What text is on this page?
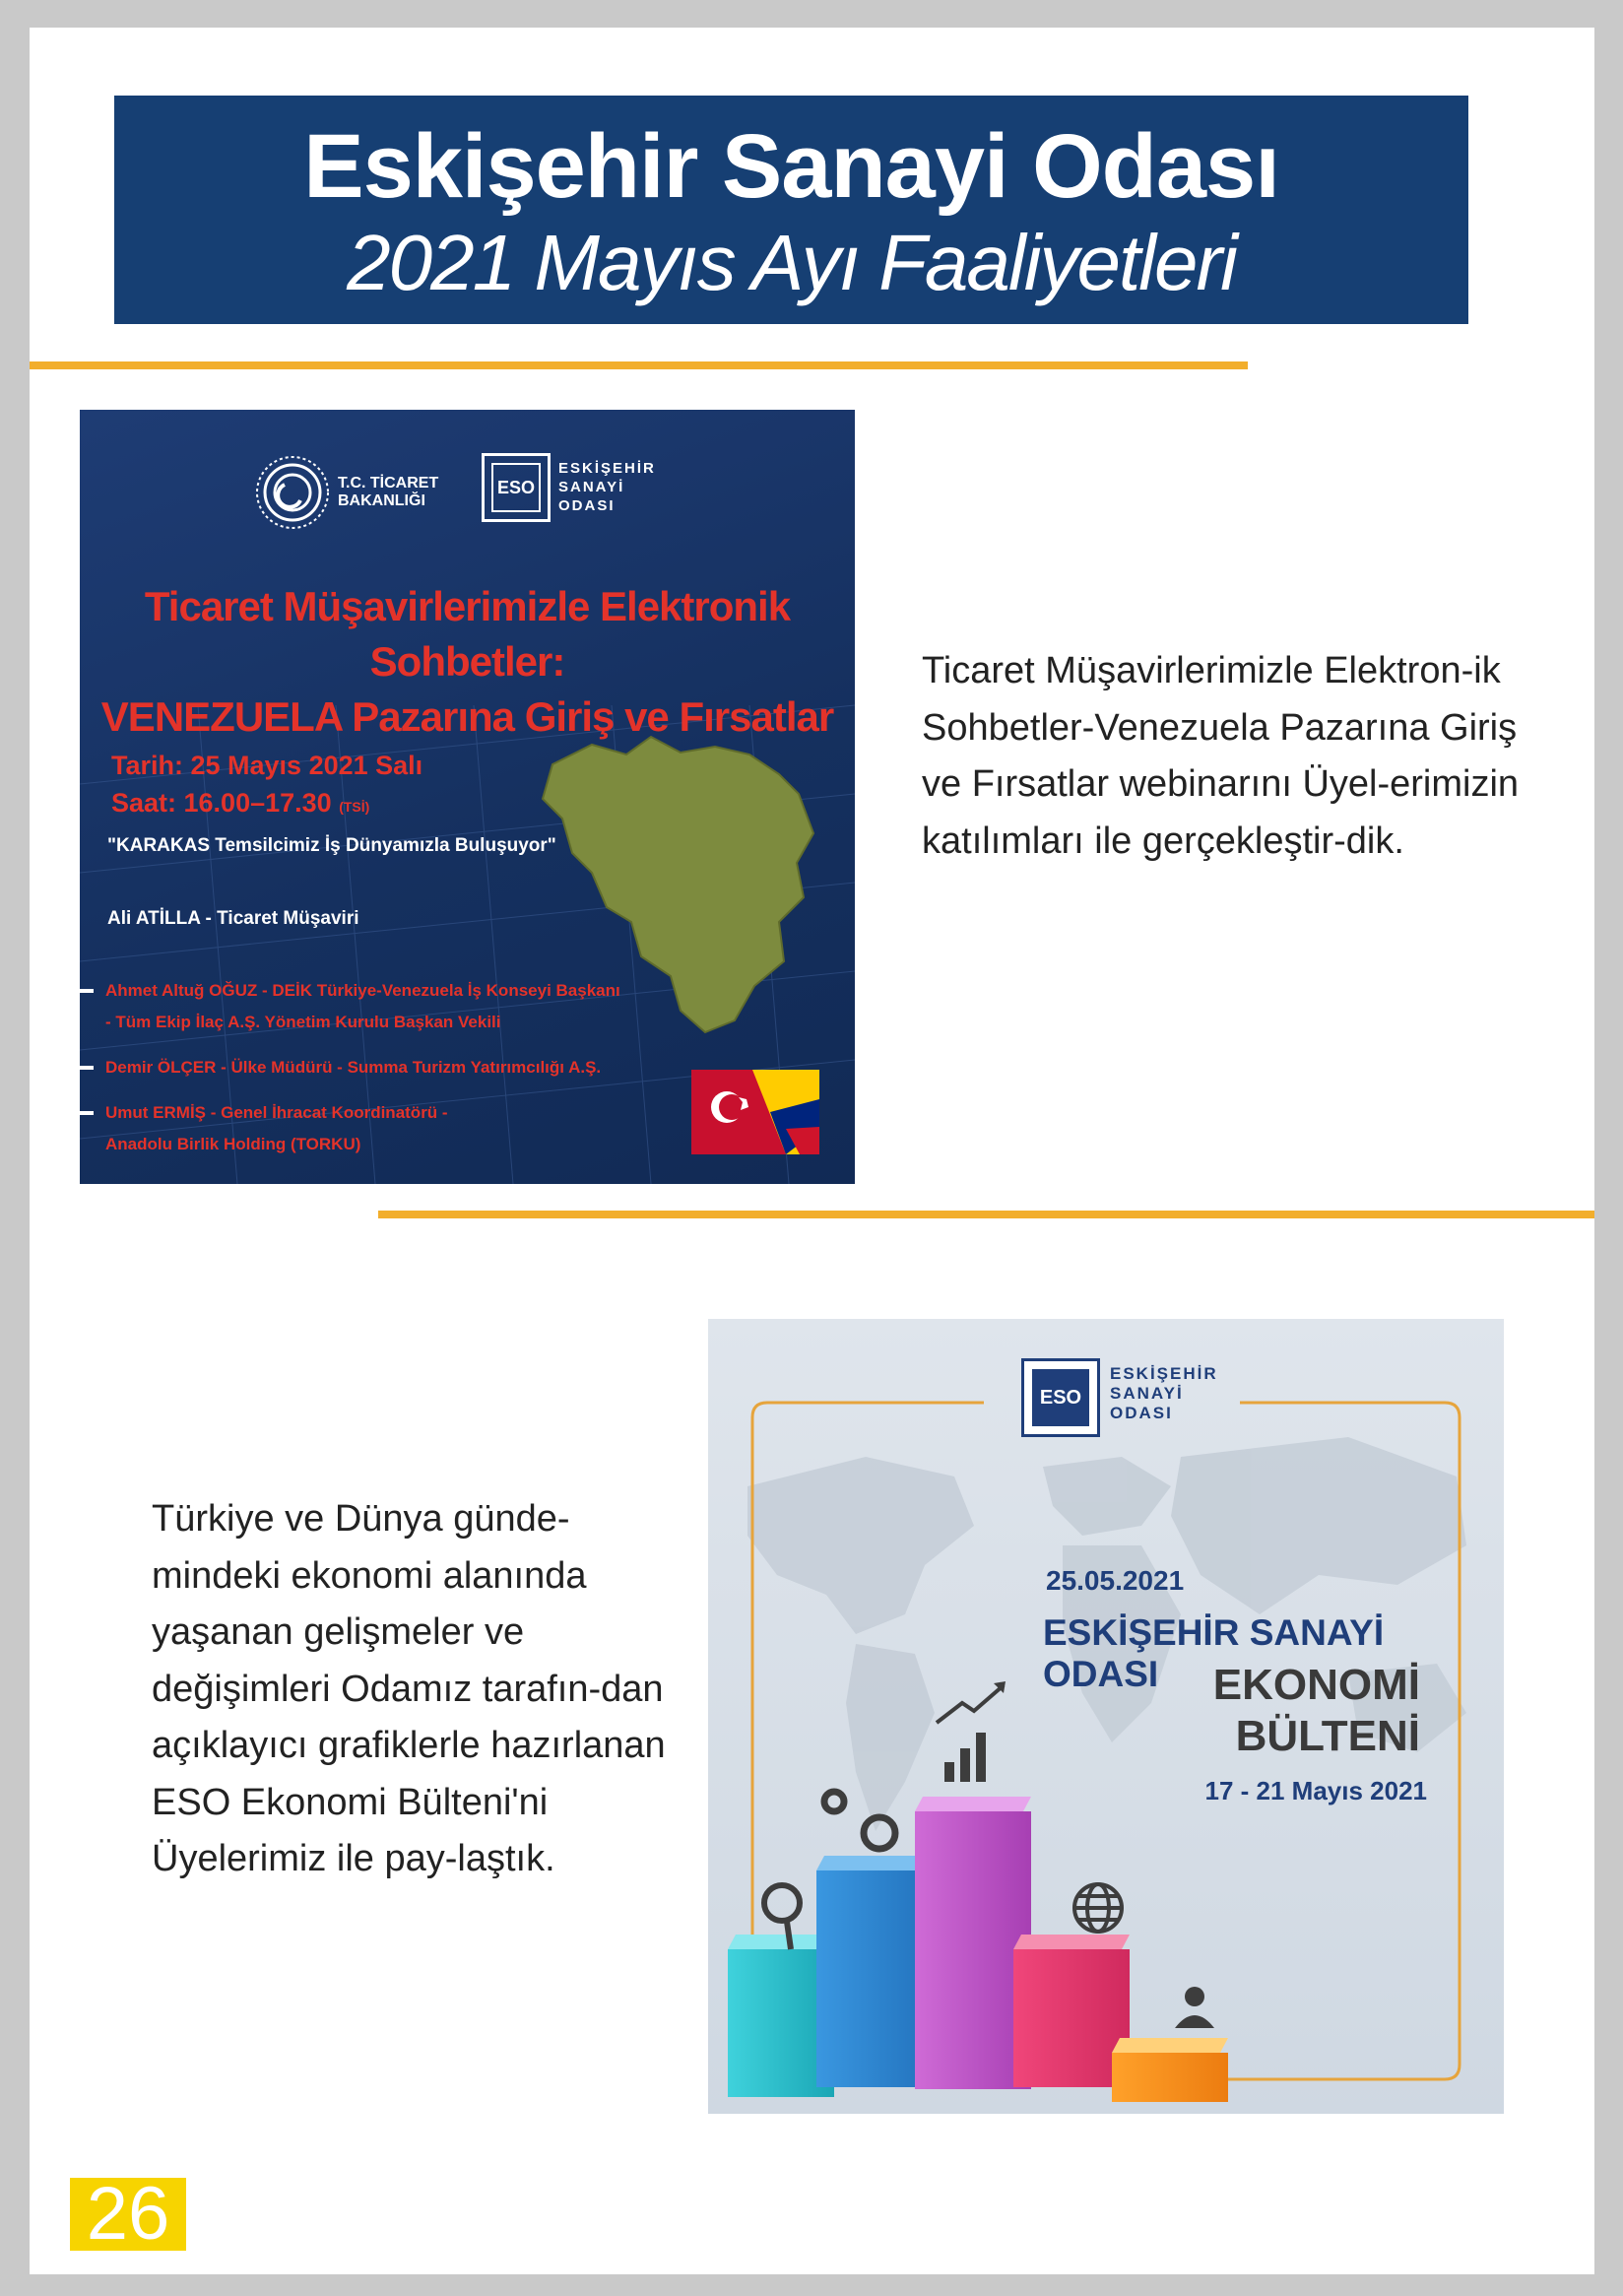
Eskişehir Sanayi Odası
2021 Mayıs Ayı Faaliyetleri
T.C. TİCARET
BAKANLIĞI
ESO
ESKİŞEHİR
SANAYİ
ODASI
Ticaret Müşavirlerimizle Elektronik Sohbetler:
VENEZUELA Pazarına Giriş ve Fırsatlar
Tarih: 25 Mayıs 2021 Salı
Saat: 16.00–17.30 (TSİ)
"KARAKAS Temsilcimiz İş Dünyamızla Buluşuyor"
Ali ATİLLA - Ticaret Müşaviri
Ahmet Altuğ OĞUZ - DEİK Türkiye-Venezuela İş Konseyi Başkanı
- Tüm Ekip İlaç A.Ş. Yönetim Kurulu Başkan Vekili
Demir ÖLÇER - Ülke Müdürü - Summa Turizm Yatırımcılığı A.Ş.
Umut ERMİŞ - Genel İhracat Koordinatörü -
Anadolu Birlik Holding (TORKU)
Ticaret Müşavirlerimizle Elektron-ik Sohbetler-Venezuela Pazarına Giriş ve Fırsatlar webinarını Üyel-erimizin katılımları ile gerçekleştir-dik.
Türkiye ve Dünya günde-mindeki ekonomi alanında yaşanan gelişmeler ve değişimleri Odamız tarafın-dan açıklayıcı grafiklerle hazırlanan ESO Ekonomi Bülteni'ni Üyelerimiz ile pay-laştık.
ESO
ESKİŞEHİR
SANAYİ
ODASI
25.05.2021
ESKİŞEHİR SANAYİ ODASI	EKONOMİ
BÜLTENİ
17 - 21 Mayıs 2021
26
